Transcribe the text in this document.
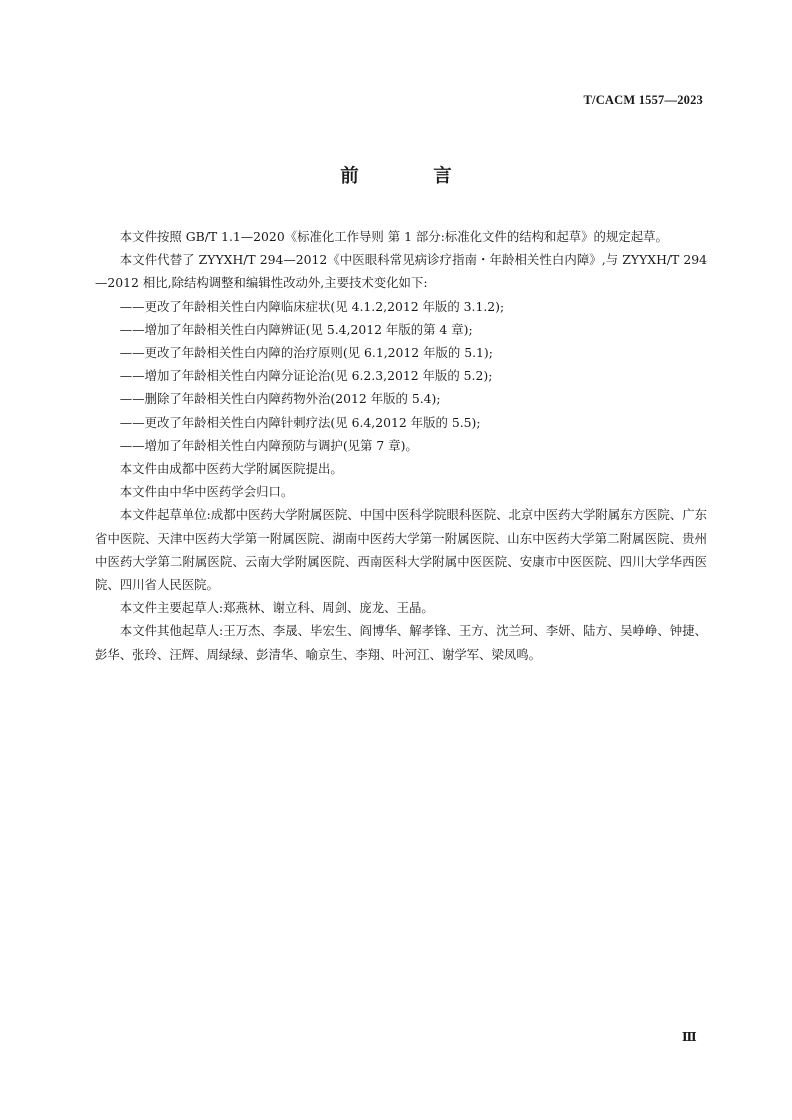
T/CACM 1557—2023
前 言

本文件按照 GB/T 1.1—2020《标准化工作导则 第 1 部分:标准化文件的结构和起草》的规定起草。

本文件代替了 ZYYXH/T 294—2012《中医眼科常见病诊疗指南・年龄相关性白内障》,与 ZYYXH/T 294—2012 相比,除结构调整和编辑性改动外,主要技术变化如下:

——更改了年龄相关性白内障临床症状(见 4.1.2,2012 年版的 3.1.2);
——增加了年龄相关性白内障辨证(见 5.4,2012 年版的第 4 章);
——更改了年龄相关性白内障的治疗原则(见 6.1,2012 年版的 5.1);
——增加了年龄相关性白内障分证论治(见 6.2.3,2012 年版的 5.2);
——删除了年龄相关性白内障药物外治(2012 年版的 5.4);
——更改了年龄相关性白内障针刺疗法(见 6.4,2012 年版的 5.5);
——增加了年龄相关性白内障预防与调护(见第 7 章)。

本文件由成都中医药大学附属医院提出。

本文件由中华中医药学会归口。

本文件起草单位:成都中医药大学附属医院、中国中医科学院眼科医院、北京中医药大学附属东方医院、广东省中医院、天津中医药大学第一附属医院、湖南中医药大学第一附属医院、山东中医药大学第二附属医院、贵州中医药大学第二附属医院、云南大学附属医院、西南医科大学附属中医医院、安康市中医医院、四川大学华西医院、四川省人民医院。

本文件主要起草人:郑燕林、谢立科、周剑、庞龙、王晶。

本文件其他起草人:王万杰、李晟、毕宏生、阎博华、解孝锋、王方、沈兰珂、李妍、陆方、吴峥峥、钟捷、彭华、张玲、汪辉、周绿绿、彭清华、喻京生、李翔、叶河江、谢学军、梁凤鸣。

Ⅲ
